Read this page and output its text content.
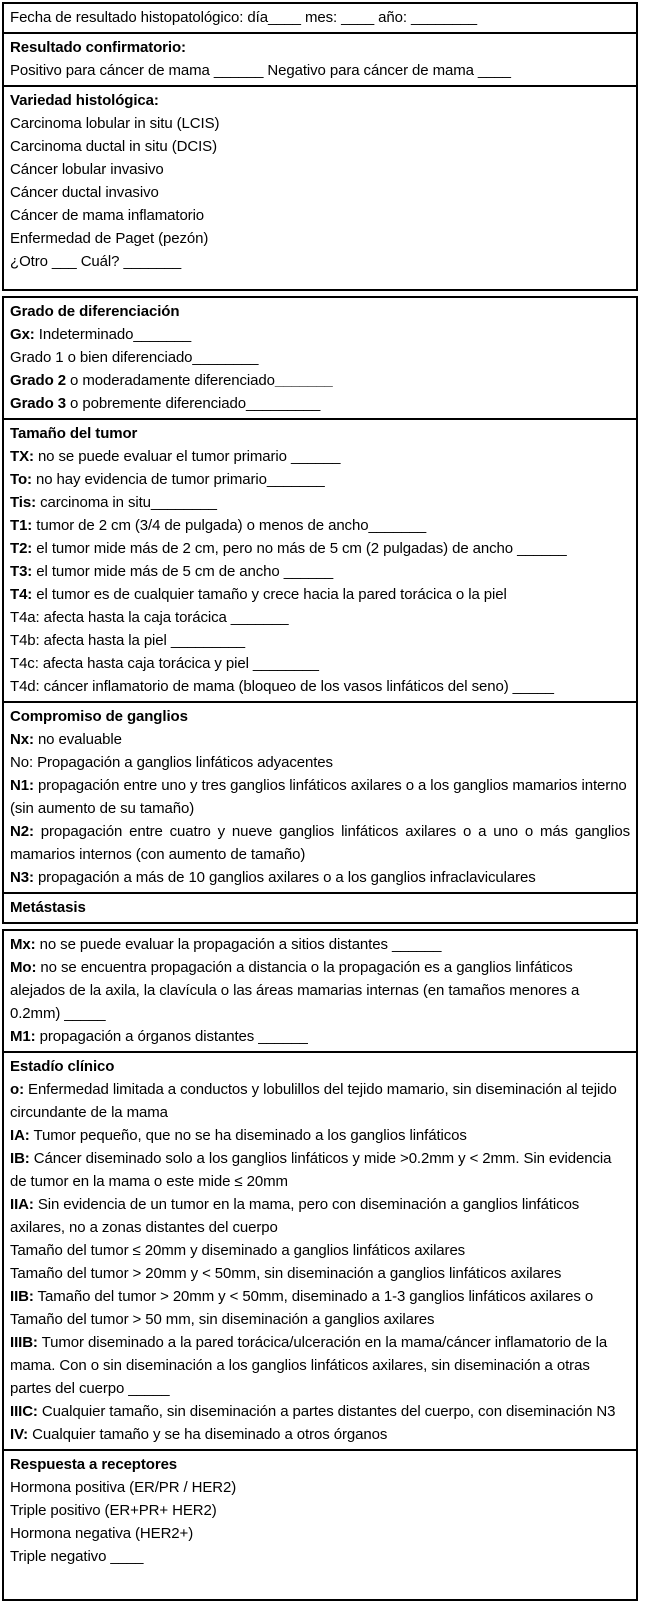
Fecha de resultado histopatológico: día____ mes: ____ año: ________
Resultado confirmatorio:
Positivo para cáncer de mama ______ Negativo para cáncer de mama ____
Variedad histológica:
Carcinoma lobular in situ (LCIS)
Carcinoma ductal in situ (DCIS)
Cáncer lobular invasivo
Cáncer ductal invasivo
Cáncer de mama inflamatorio
Enfermedad de Paget (pezón)
¿Otro ___ Cuál? _______
Grado de diferenciación
Gx: Indeterminado_______
Grado 1 o bien diferenciado________
Grado 2 o moderadamente diferenciado_______
Grado 3 o pobremente diferenciado_________
Tamaño del tumor
TX: no se puede evaluar el tumor primario ______
To: no hay evidencia de tumor primario_______
Tis: carcinoma in situ________
T1: tumor de 2 cm (3/4 de pulgada) o menos de ancho_______
T2: el tumor mide más de 2 cm, pero no más de 5 cm (2 pulgadas) de ancho ______
T3: el tumor mide más de 5 cm de ancho ______
T4: el tumor es de cualquier tamaño y crece hacia la pared torácica o la piel
T4a: afecta hasta la caja torácica _______
T4b: afecta hasta la piel _________
T4c: afecta hasta caja torácica y piel ________
T4d: cáncer inflamatorio de mama (bloqueo de los vasos linfáticos del seno) _____
Compromiso de ganglios
Nx: no evaluable
No: Propagación a ganglios linfáticos adyacentes
N1: propagación entre uno y tres ganglios linfáticos axilares o a los ganglios mamarios interno (sin aumento de su tamaño)
N2: propagación entre cuatro y nueve ganglios linfáticos axilares o a uno o más ganglios mamarios internos (con aumento de tamaño)
N3: propagación a más de 10 ganglios axilares o a los ganglios infraclaviculares
Metástasis
Mx: no se puede evaluar la propagación a sitios distantes ______
Mo: no se encuentra propagación a distancia o la propagación es a ganglios linfáticos alejados de la axila, la clavícula o las áreas mamarias internas (en tamaños menores a 0.2mm) _____
M1: propagación a órganos distantes ______
Estadío clínico
o: Enfermedad limitada a conductos y lobulillos del tejido mamario, sin diseminación al tejido circundante de la mama
IA: Tumor pequeño, que no se ha diseminado a los ganglios linfáticos
IB: Cáncer diseminado solo a los ganglios linfáticos y mide >0.2mm y < 2mm. Sin evidencia de tumor en la mama o este mide ≤ 20mm
IIA: Sin evidencia de un tumor en la mama, pero con diseminación a ganglios linfáticos axilares, no a zonas distantes del cuerpo
Tamaño del tumor ≤ 20mm y diseminado a ganglios linfáticos axilares
Tamaño del tumor > 20mm y < 50mm, sin diseminación a ganglios linfáticos axilares
IIB: Tamaño del tumor > 20mm y < 50mm, diseminado a 1-3 ganglios linfáticos axilares o Tamaño del tumor > 50 mm, sin diseminación a ganglios axilares
IIIB: Tumor diseminado a la pared torácica/ulceración en la mama/cáncer inflamatorio de la mama. Con o sin diseminación a los ganglios linfáticos axilares, sin diseminación a otras partes del cuerpo _____
IIIC: Cualquier tamaño, sin diseminación a partes distantes del cuerpo, con diseminación N3
IV: Cualquier tamaño y se ha diseminado a otros órganos
Respuesta a receptores
Hormona positiva (ER/PR / HER2)
Triple positivo (ER+PR+ HER2)
Hormona negativa (HER2+)
Triple negativo ____
